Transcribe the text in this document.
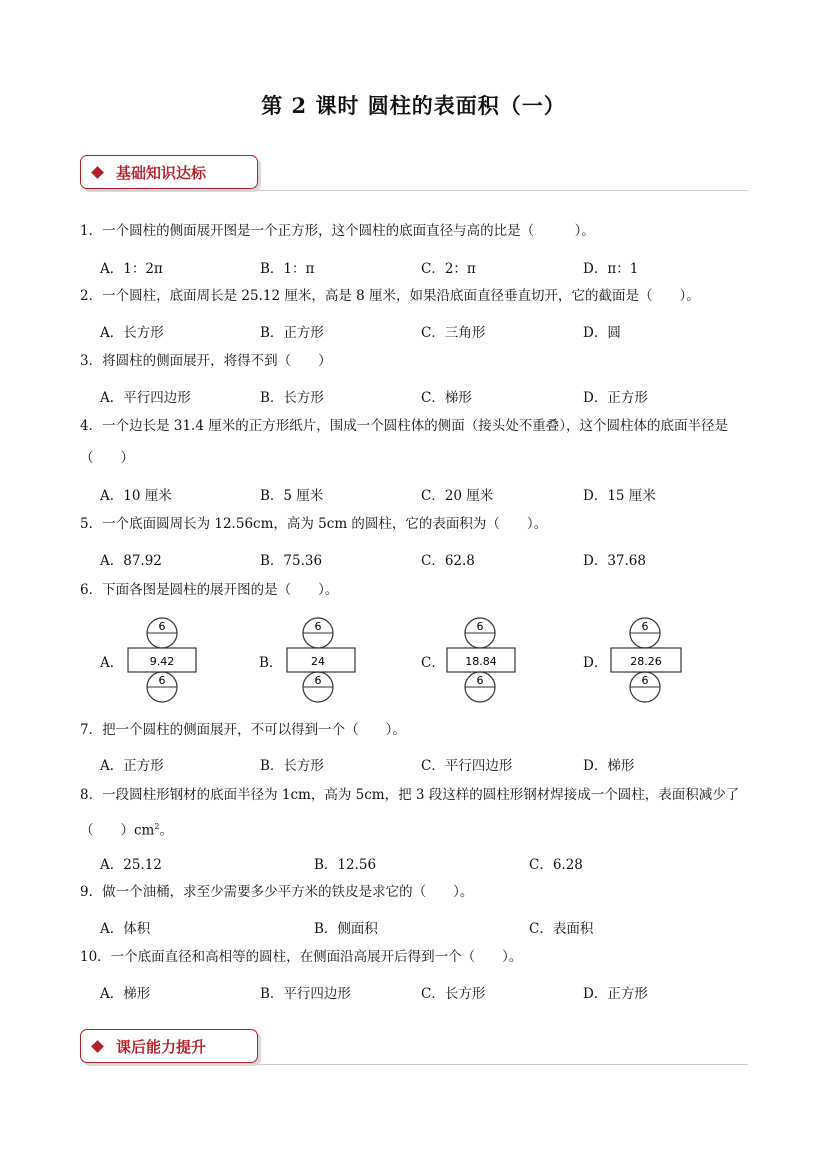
第 2 课时 圆柱的表面积（一）
基础知识达标
1．一个圆柱的侧面展开图是一个正方形，这个圆柱的底面直径与高的比是（　　　）。
A．1：2π	B．1：π	C．2：π	D．π：1
2．一个圆柱，底面周长是 25.12 厘米，高是 8 厘米，如果沿底面直径垂直切开，它的截面是（　　）。
A．长方形	B．正方形	C．三角形	D．圆
3．将圆柱的侧面展开，将得不到（　　）
A．平行四边形	B．长方形	C．梯形	D．正方形
4．一个边长是 31.4 厘米的正方形纸片，围成一个圆柱体的侧面（接头处不重叠），这个圆柱体的底面半径是（　　）
A．10 厘米	B．5 厘米	C．20 厘米	D．15 厘米
5．一个底面圆周长为 12.56cm，高为 5cm 的圆柱，它的表面积为（　　）。
A．87.92	B．75.36	C．62.8	D．37.68
6．下面各图是圆柱的展开图的是（　　）。
A．
6
9.42
6
B．
6
24
6
C．
6
18.84
6
D．
6
28.26
6
7．把一个圆柱的侧面展开，不可以得到一个（　　）。
A．正方形	B．长方形	C．平行四边形	D．梯形
8．一段圆柱形钢材的底面半径为 1cm，高为 5cm，把 3 段这样的圆柱形钢材焊接成一个圆柱，表面积减少了（　　）$cm^2$。
A．25.12	B．12.56	C．6.28
9．做一个油桶，求至少需要多少平方米的铁皮是求它的（　　）。
A．体积	B．侧面积	C．表面积
10．一个底面直径和高相等的圆柱，在侧面沿高展开后得到一个（　　）。
A．梯形	B．平行四边形	C．长方形	D．正方形
课后能力提升
